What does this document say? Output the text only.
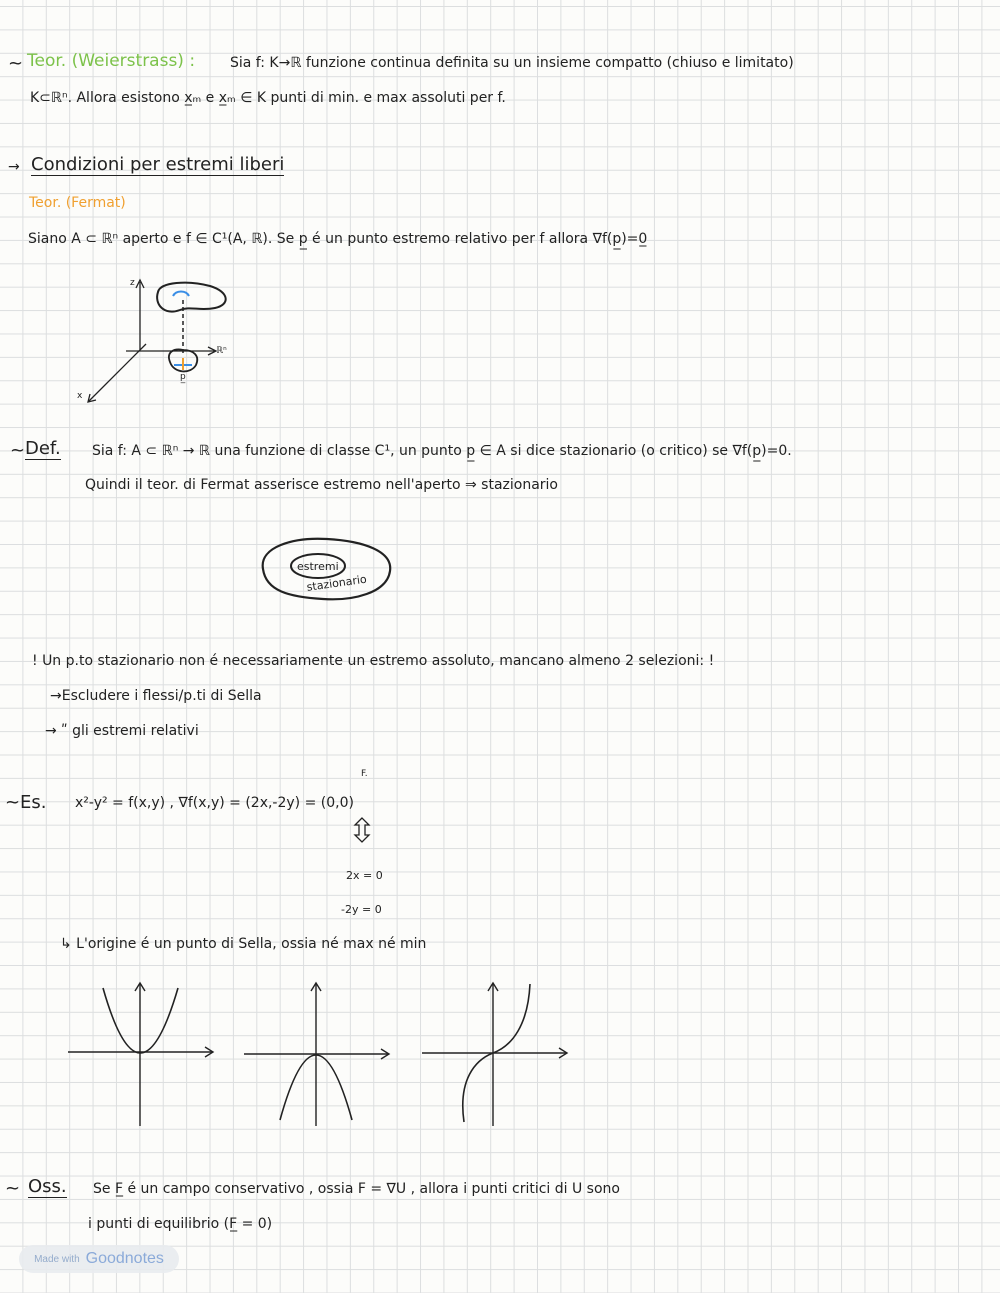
~ Teor. (Weierstrass) : Sia f: K→ℝ funzione continua definita su un insieme compatto (chiuso e limitato)
K⊂ℝⁿ. Allora esistono x̲ₘ e x̲ₘ ∈ K punti di min. e max assoluti per f.
→ Condizioni per estremi liberi
Teor. (Fermat)
Siano A ⊂ ℝⁿ aperto e f ∈ C¹(A, ℝ). Se p̲ é un punto estremo relativo per f allora ∇f(p̲)=0̲
z
x
ℝⁿ
p̲
~ Def. Sia f: A ⊂ ℝⁿ → ℝ una funzione di classe C¹, un punto p̲ ∈ A si dice stazionario (o critico) se ∇f(p̲)=0.
Quindi il teor. di Fermat asserisce estremo nell'aperto ⇒ stazionario
estremi
stazionario
! Un p.to stazionario non é necessariamente un estremo assoluto, mancano almeno 2 selezioni: !
→Escludere i flessi/p.ti di Sella
→ ʺ gli estremi relativi
~ Es.
F.
x²-y² = f(x,y) , ∇f(x,y) = (2x,-2y) = (0,0)
2x = 0
-2y = 0
↳ L'origine é un punto di Sella, ossia né max né min
~ Oss. Se F̲ é un campo conservativo , ossia F = ∇U , allora i punti critici di U sono
i punti di equilibrio (F̲ = 0)
Made with Goodnotes
